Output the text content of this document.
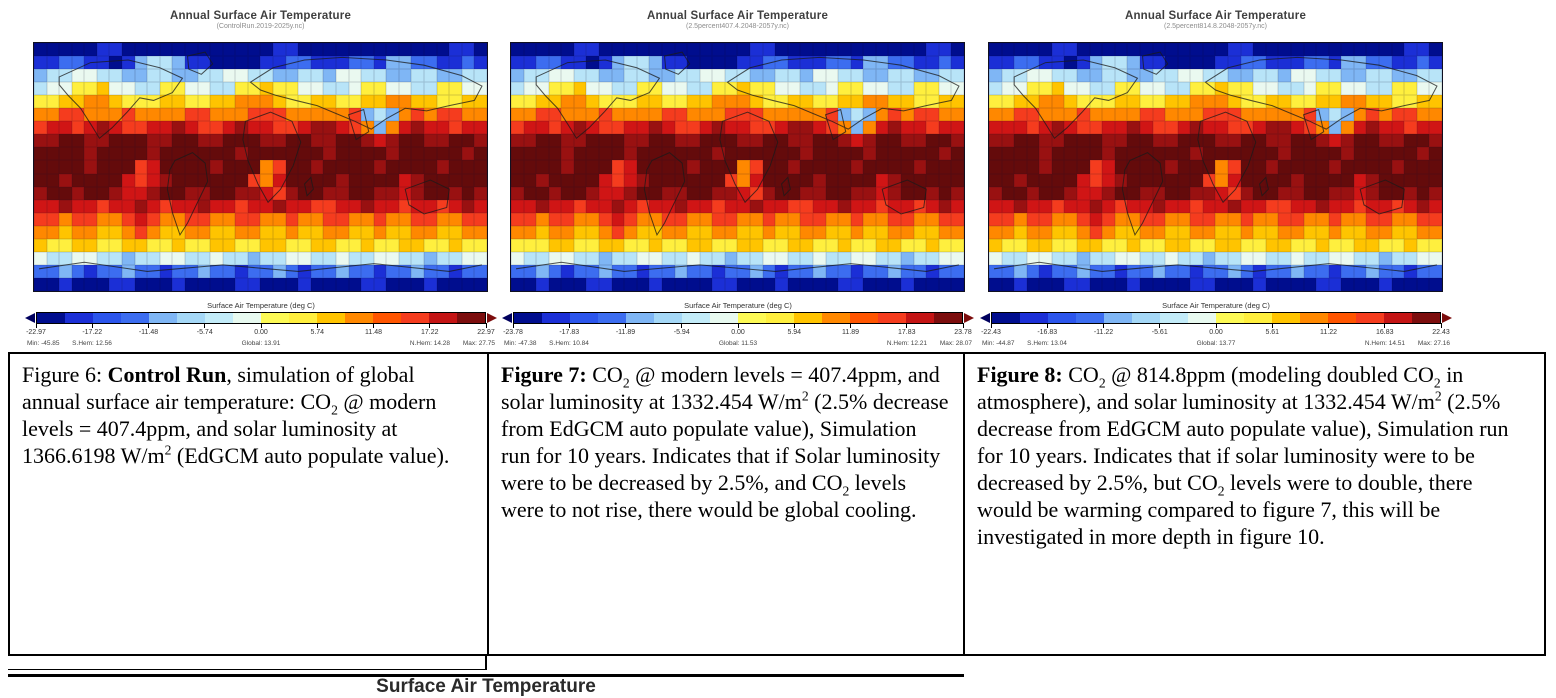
Annual Surface Air Temperature
(ControlRun.2019-2025y.nc)
Surface Air Temperature (deg C)
-22.97	-17.22	-11.48	-5.74	0.00	5.74	11.48	17.22	22.97
Min: -45.85 S.Hem: 12.56	Global: 13.91	N.Hem: 14.28 Max: 27.75
Annual Surface Air Temperature
(2.5percent407.4.2048-2057y.nc)
Surface Air Temperature (deg C)
-23.78	-17.83	-11.89	-5.94	0.00	5.94	11.89	17.83	23.78
Min: -47.38 S.Hem: 10.84	Global: 11.53	N.Hem: 12.21 Max: 28.07
Annual Surface Air Temperature
(2.5percent814.8.2048-2057y.nc)
Surface Air Temperature (deg C)
-22.43	-16.83	-11.22	-5.61	0.00	5.61	11.22	16.83	22.43
Min: -44.87 S.Hem: 13.04	Global: 13.77	N.Hem: 14.51 Max: 27.16
Figure 6: Control Run, simulation of global annual surface air temperature: $CO_2$ @ modern levels = 407.4ppm, and solar luminosity at 1366.6198 $W/m^2$ (EdGCM auto populate value).
Figure 7: $CO_2$ @ modern levels = 407.4ppm, and solar luminosity at 1332.454 $W/m^2$ (2.5% decrease from EdGCM auto populate value), Simulation run for 10 years. Indicates that if Solar luminosity were to be decreased by 2.5%, and $CO_2$ levels were to not rise, there would be global cooling.
Figure 8: $CO_2$ @ 814.8ppm (modeling doubled $CO_2$ in atmosphere), and solar luminosity at 1332.454 $W/m^2$ (2.5% decrease from EdGCM auto populate value), Simulation run for 10 years. Indicates that if solar luminosity were to be decreased by 2.5%, but $CO_2$ levels were to double, there would be warming compared to figure 7, this will be investigated in more depth in figure 10.
Surface Air Temperature
